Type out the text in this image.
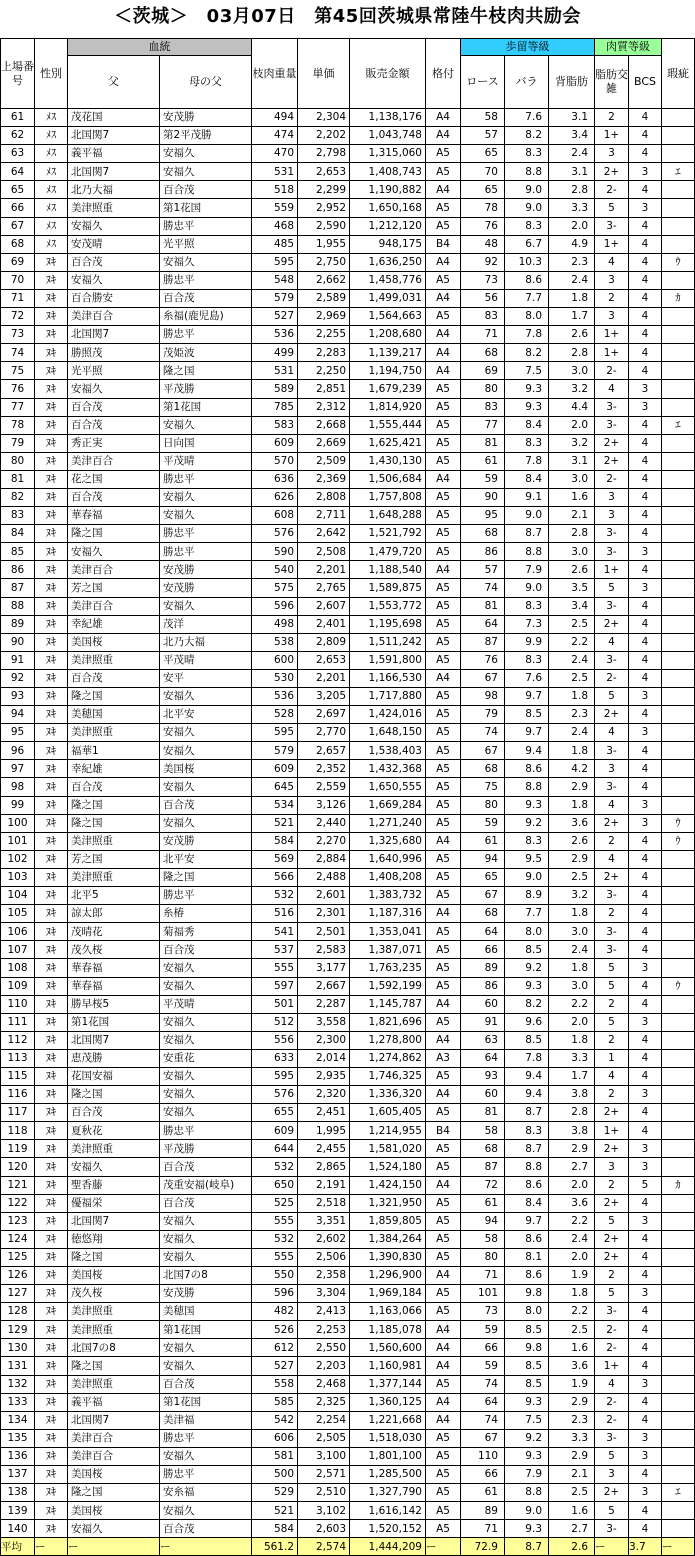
＜茨城＞　03月07日　第45回茨城県常陸牛枝肉共励会
上場番号	性別	血統		枝肉重量	単価	販売金額	格付	歩留等級			肉質等級		瑕疵
		父	母の父					ロース	バラ	背脂肪	脂肪交雑	BCS	
61	ﾒｽ	茂花国	安茂勝	494	2,304	1,138,176	A4	58	7.6	3.1	2	4	
62	ﾒｽ	北国関7	第2平茂勝	474	2,202	1,043,748	A4	57	8.2	3.4	1+	4	
63	ﾒｽ	義平福	安福久	470	2,798	1,315,060	A5	65	8.3	2.4	3	4	
64	ﾒｽ	北国関7	安福久	531	2,653	1,408,743	A5	70	8.8	3.1	2+	3	ｴ
65	ﾒｽ	北乃大福	百合茂	518	2,299	1,190,882	A4	65	9.0	2.8	2-	4	
66	ﾒｽ	美津照重	第1花国	559	2,952	1,650,168	A5	78	9.0	3.3	5	3	
67	ﾒｽ	安福久	勝忠平	468	2,590	1,212,120	A5	76	8.3	2.0	3-	4	
68	ﾒｽ	安茂晴	光平照	485	1,955	948,175	B4	48	6.7	4.9	1+	4	
69	ﾇｷ	百合茂	安福久	595	2,750	1,636,250	A4	92	10.3	2.3	4	4	ｳ
70	ﾇｷ	安福久	勝忠平	548	2,662	1,458,776	A5	73	8.6	2.4	3	4	
71	ﾇｷ	百合勝安	百合茂	579	2,589	1,499,031	A4	56	7.7	1.8	2	4	ｶ
72	ﾇｷ	美津百合	糸福(鹿児島)	527	2,969	1,564,663	A5	83	8.0	1.7	3	4	
73	ﾇｷ	北国関7	勝忠平	536	2,255	1,208,680	A4	71	7.8	2.6	1+	4	
74	ﾇｷ	勝照茂	茂姫波	499	2,283	1,139,217	A4	68	8.2	2.8	1+	4	
75	ﾇｷ	光平照	隆之国	531	2,250	1,194,750	A4	69	7.5	3.0	2-	4	
76	ﾇｷ	安福久	平茂勝	589	2,851	1,679,239	A5	80	9.3	3.2	4	3	
77	ﾇｷ	百合茂	第1花国	785	2,312	1,814,920	A5	83	9.3	4.4	3-	3	
78	ﾇｷ	百合茂	安福久	583	2,668	1,555,444	A5	77	8.4	2.0	3-	4	ｴ
79	ﾇｷ	秀正実	日向国	609	2,669	1,625,421	A5	81	8.3	3.2	2+	4	
80	ﾇｷ	美津百合	平茂晴	570	2,509	1,430,130	A5	61	7.8	3.1	2+	4	
81	ﾇｷ	花之国	勝忠平	636	2,369	1,506,684	A4	59	8.4	3.0	2-	4	
82	ﾇｷ	百合茂	安福久	626	2,808	1,757,808	A5	90	9.1	1.6	3	4	
83	ﾇｷ	華春福	安福久	608	2,711	1,648,288	A5	95	9.0	2.1	3	4	
84	ﾇｷ	隆之国	勝忠平	576	2,642	1,521,792	A5	68	8.7	2.8	3-	4	
85	ﾇｷ	安福久	勝忠平	590	2,508	1,479,720	A5	86	8.8	3.0	3-	3	
86	ﾇｷ	美津百合	安茂勝	540	2,201	1,188,540	A4	57	7.9	2.6	1+	4	
87	ﾇｷ	芳之国	安茂勝	575	2,765	1,589,875	A5	74	9.0	3.5	5	3	
88	ﾇｷ	美津百合	安福久	596	2,607	1,553,772	A5	81	8.3	3.4	3-	4	
89	ﾇｷ	幸紀雄	茂洋	498	2,401	1,195,698	A5	64	7.3	2.5	2+	4	
90	ﾇｷ	美国桜	北乃大福	538	2,809	1,511,242	A5	87	9.9	2.2	4	4	
91	ﾇｷ	美津照重	平茂晴	600	2,653	1,591,800	A5	76	8.3	2.4	3-	4	
92	ﾇｷ	百合茂	安平	530	2,201	1,166,530	A4	67	7.6	2.5	2-	4	
93	ﾇｷ	隆之国	安福久	536	3,205	1,717,880	A5	98	9.7	1.8	5	3	
94	ﾇｷ	美穂国	北平安	528	2,697	1,424,016	A5	79	8.5	2.3	2+	4	
95	ﾇｷ	美津照重	安福久	595	2,770	1,648,150	A5	74	9.7	2.4	4	3	
96	ﾇｷ	福華1	安福久	579	2,657	1,538,403	A5	67	9.4	1.8	3-	4	
97	ﾇｷ	幸紀雄	美国桜	609	2,352	1,432,368	A5	68	8.6	4.2	3	4	
98	ﾇｷ	百合茂	安福久	645	2,559	1,650,555	A5	75	8.8	2.9	3-	4	
99	ﾇｷ	隆之国	百合茂	534	3,126	1,669,284	A5	80	9.3	1.8	4	3	
100	ﾇｷ	隆之国	安福久	521	2,440	1,271,240	A5	59	9.2	3.6	2+	3	ｳ
101	ﾇｷ	美津照重	安茂勝	584	2,270	1,325,680	A4	61	8.3	2.6	2	4	ｳ
102	ﾇｷ	芳之国	北平安	569	2,884	1,640,996	A5	94	9.5	2.9	4	4	
103	ﾇｷ	美津照重	隆之国	566	2,488	1,408,208	A5	65	9.0	2.5	2+	4	
104	ﾇｷ	北平5	勝忠平	532	2,601	1,383,732	A5	67	8.9	3.2	3-	4	
105	ﾇｷ	諒太郎	糸椿	516	2,301	1,187,316	A4	68	7.7	1.8	2	4	
106	ﾇｷ	茂晴花	菊福秀	541	2,501	1,353,041	A5	64	8.0	3.0	3-	4	
107	ﾇｷ	茂久桜	百合茂	537	2,583	1,387,071	A5	66	8.5	2.4	3-	4	
108	ﾇｷ	華春福	安福久	555	3,177	1,763,235	A5	89	9.2	1.8	5	3	
109	ﾇｷ	華春福	安福久	597	2,667	1,592,199	A5	86	9.3	3.0	5	4	ｳ
110	ﾇｷ	勝早桜5	平茂晴	501	2,287	1,145,787	A4	60	8.2	2.2	2	4	
111	ﾇｷ	第1花国	安福久	512	3,558	1,821,696	A5	91	9.6	2.0	5	3	
112	ﾇｷ	北国関7	安福久	556	2,300	1,278,800	A4	63	8.5	1.8	2	4	
113	ﾇｷ	恵茂勝	安重花	633	2,014	1,274,862	A3	64	7.8	3.3	1	4	
115	ﾇｷ	花国安福	安福久	595	2,935	1,746,325	A5	93	9.4	1.7	4	4	
116	ﾇｷ	隆之国	安福久	576	2,320	1,336,320	A4	60	9.4	3.8	2	3	
117	ﾇｷ	百合茂	安福久	655	2,451	1,605,405	A5	81	8.7	2.8	2+	4	
118	ﾇｷ	夏秋花	勝忠平	609	1,995	1,214,955	B4	58	8.3	3.8	1+	4	
119	ﾇｷ	美津照重	平茂勝	644	2,455	1,581,020	A5	68	8.7	2.9	2+	3	
120	ﾇｷ	安福久	百合茂	532	2,865	1,524,180	A5	87	8.8	2.7	3	3	
121	ﾇｷ	聖香藤	茂重安福(岐阜)	650	2,191	1,424,150	A4	72	8.6	2.0	2	5	ｶ
122	ﾇｷ	優福栄	百合茂	525	2,518	1,321,950	A5	61	8.4	3.6	2+	4	
123	ﾇｷ	北国関7	安福久	555	3,351	1,859,805	A5	94	9.7	2.2	5	3	
124	ﾇｷ	徳悠翔	安福久	532	2,602	1,384,264	A5	58	8.6	2.4	2+	4	
125	ﾇｷ	隆之国	安福久	555	2,506	1,390,830	A5	80	8.1	2.0	2+	4	
126	ﾇｷ	美国桜	北国7の8	550	2,358	1,296,900	A4	71	8.6	1.9	2	4	
127	ﾇｷ	茂久桜	安茂勝	596	3,304	1,969,184	A5	101	9.8	1.8	5	3	
128	ﾇｷ	美津照重	美穂国	482	2,413	1,163,066	A5	73	8.0	2.2	3-	4	
129	ﾇｷ	美津照重	第1花国	526	2,253	1,185,078	A4	59	8.5	2.5	2-	4	
130	ﾇｷ	北国7の8	安福久	612	2,550	1,560,600	A4	66	9.8	1.6	2-	4	
131	ﾇｷ	隆之国	安福久	527	2,203	1,160,981	A4	59	8.5	3.6	1+	4	
132	ﾇｷ	美津照重	百合茂	558	2,468	1,377,144	A5	74	8.5	1.9	4	3	
133	ﾇｷ	義平福	第1花国	585	2,325	1,360,125	A4	64	9.3	2.9	2-	4	
134	ﾇｷ	北国関7	美津福	542	2,254	1,221,668	A4	74	7.5	2.3	2-	4	
135	ﾇｷ	美津百合	勝忠平	606	2,505	1,518,030	A5	67	9.2	3.3	3-	3	
136	ﾇｷ	美津百合	安福久	581	3,100	1,801,100	A5	110	9.3	2.9	5	3	
137	ﾇｷ	美国桜	勝忠平	500	2,571	1,285,500	A5	66	7.9	2.1	3	4	
138	ﾇｷ	隆之国	安糸福	529	2,510	1,327,790	A5	61	8.8	2.5	2+	3	ｴ
139	ﾇｷ	美国桜	安福久	521	3,102	1,616,142	A5	89	9.0	1.6	5	4	
140	ﾇｷ	安福久	百合茂	584	2,603	1,520,152	A5	71	9.3	2.7	3-	4	
平均	ー	ー	ー	561.2	2,574	1,444,209	ー	72.9	8.7	2.6	ー	3.7	ー
